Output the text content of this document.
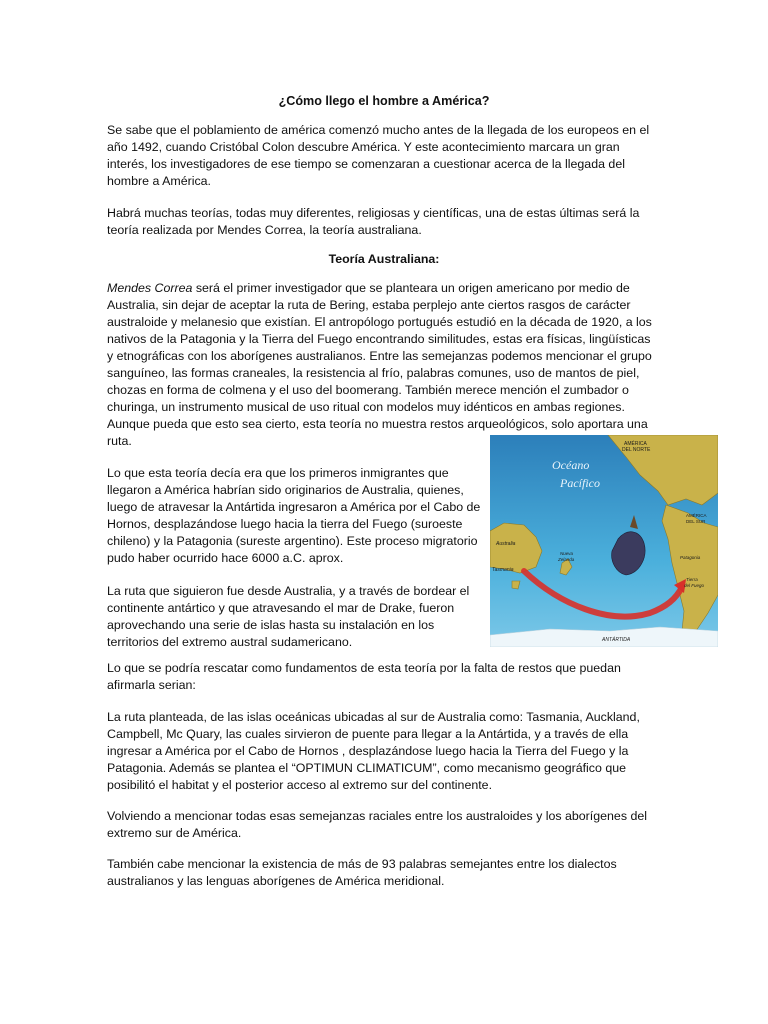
¿Cómo llego el hombre a América?

Se sabe que el poblamiento de américa comenzó mucho antes de la llegada de los europeos en el año 1492, cuando Cristóbal Colon descubre América. Y este acontecimiento marcara un gran interés, los investigadores de ese tiempo se comenzaran a cuestionar acerca de la llegada del hombre a América.

Habrá muchas teorías, todas muy diferentes, religiosas y científicas, una de estas últimas será la teoría realizada por Mendes Correa, la teoría australiana.

Teoría Australiana:

Mendes Correa será el primer investigador que se planteara un origen americano por medio de Australia, sin dejar de aceptar la ruta de Bering, estaba perplejo ante ciertos rasgos de carácter australoide y melanesio que existían. El antropólogo portugués estudió en la década de 1920, a los nativos de la Patagonia y la Tierra del Fuego encontrando similitudes, estas era físicas, lingüísticas y etnográficas con los aborígenes australianos. Entre las semejanzas podemos mencionar el grupo sanguíneo, las formas craneales, la resistencia al frío, palabras comunes, uso de mantos de piel, chozas en forma de colmena y el uso del boomerang. También merece mención el zumbador o churinga, un instrumento musical de uso ritual con modelos muy idénticos en ambas regiones. Aunque pueda que esto sea cierto, esta teoría no muestra restos arqueológicos, solo aportara una ruta.

Lo que esta teoría decía era que los primeros inmigrantes que llegaron a América habrían sido originarios de Australia, quienes, luego de atravesar la Antártida ingresaron a América por el Cabo de Hornos, desplazándose luego hacia la tierra del Fuego (suroeste chileno) y la Patagonia (sureste argentino). Este proceso migratorio pudo haber ocurrido hace 6000 a.C. aprox.

La ruta que siguieron fue desde Australia, y a través de bordear el continente antártico y que atravesando el mar de Drake, fueron aprovechando una serie de islas hasta su instalación en los territorios del extremo austral sudamericano.

Océano
Pacífico
AMÉRICA
DEL NORTE
AMÉRICA
DEL SUR
Australia
Tasmania
Nueva
Zelanda	Patagonia
Tierra
del Fuego
ANTÁRTIDA

Lo que se podría rescatar como fundamentos de esta teoría por la falta de restos que puedan afirmarla serian:

La ruta planteada, de las islas oceánicas ubicadas al sur de Australia como: Tasmania, Auckland, Campbell, Mc Quary, las cuales sirvieron de puente para llegar a la Antártida, y a través de ella ingresar a América por el Cabo de Hornos , desplazándose luego hacia la Tierra del Fuego y la Patagonia. Además se plantea el “OPTIMUN CLIMATICUM”, como mecanismo geográfico que posibilitó el habitat y el posterior acceso al extremo sur del continente.

Volviendo a mencionar todas esas semejanzas raciales entre los australoides y los aborígenes del extremo sur de América.

También cabe mencionar la existencia de más de 93 palabras semejantes entre los dialectos australianos y las lenguas aborígenes de América meridional.
